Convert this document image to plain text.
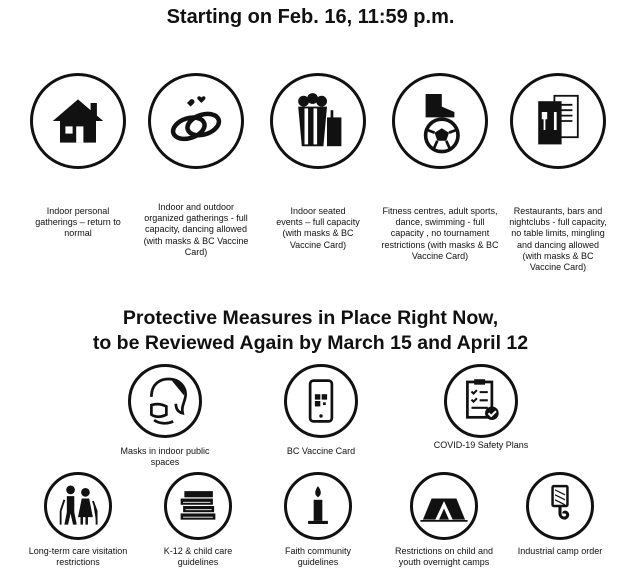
Starting on Feb. 16, 11:59 p.m.
Indoor personal gatherings – return to normal
Indoor and outdoor organized gatherings - full capacity, dancing allowed (with masks & BC Vaccine Card)
Indoor seated events – full capacity (with masks & BC Vaccine Card)
Fitness centres, adult sports, dance, swimming - full capacity , no tournament restrictions (with masks & BC Vaccine Card)
Restaurants, bars and nightclubs - full capacity, no table limits, mingling and dancing allowed (with masks & BC Vaccine Card)
Protective Measures in Place Right Now,
to be Reviewed Again by March 15 and April 12
Masks in indoor public spaces
BC Vaccine Card
COVID-19 Safety Plans
Long-term care visitation restrictions
K-12 & child care guidelines
Faith community guidelines
Restrictions on child and youth overnight camps
Industrial camp order
